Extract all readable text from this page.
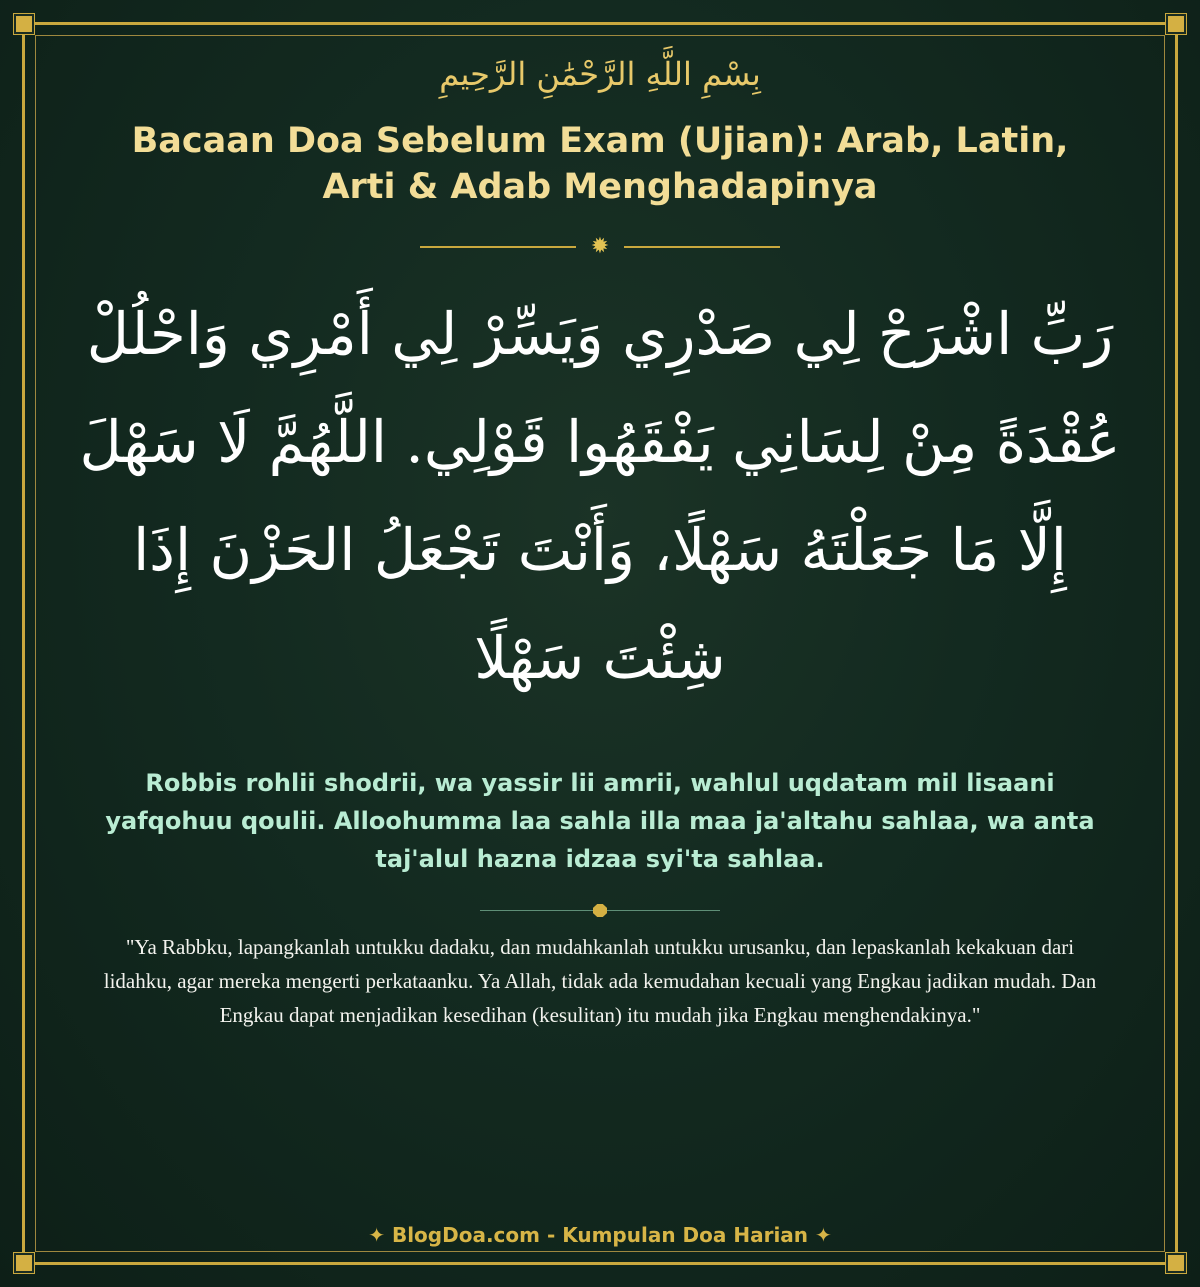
بِسْمِ اللَّهِ الرَّحْمَٰنِ الرَّحِيمِ
Bacaan Doa Sebelum Exam (Ujian): Arab, Latin, Arti & Adab Menghadapinya
✹
رَبِّ اشْرَحْ لِي صَدْرِي وَيَسِّرْ لِي أَمْرِي وَاحْلُلْ عُقْدَةً مِنْ لِسَانِي يَفْقَهُوا قَوْلِي. اللَّهُمَّ لَا سَهْلَ إِلَّا مَا جَعَلْتَهُ سَهْلًا، وَأَنْتَ تَجْعَلُ الحَزْنَ إِذَا شِئْتَ سَهْلًا
Robbis rohlii shodrii, wa yassir lii amrii, wahlul uqdatam mil lisaani yafqohuu qoulii. Alloohumma laa sahla illa maa ja'altahu sahlaa, wa anta taj'alul hazna idzaa syi'ta sahlaa.
"Ya Rabbku, lapangkanlah untukku dadaku, dan mudahkanlah untukku urusanku, dan lepaskanlah kekakuan dari lidahku, agar mereka mengerti perkataanku. Ya Allah, tidak ada kemudahan kecuali yang Engkau jadikan mudah. Dan Engkau dapat menjadikan kesedihan (kesulitan) itu mudah jika Engkau menghendakinya."
✦ BlogDoa.com - Kumpulan Doa Harian ✦
